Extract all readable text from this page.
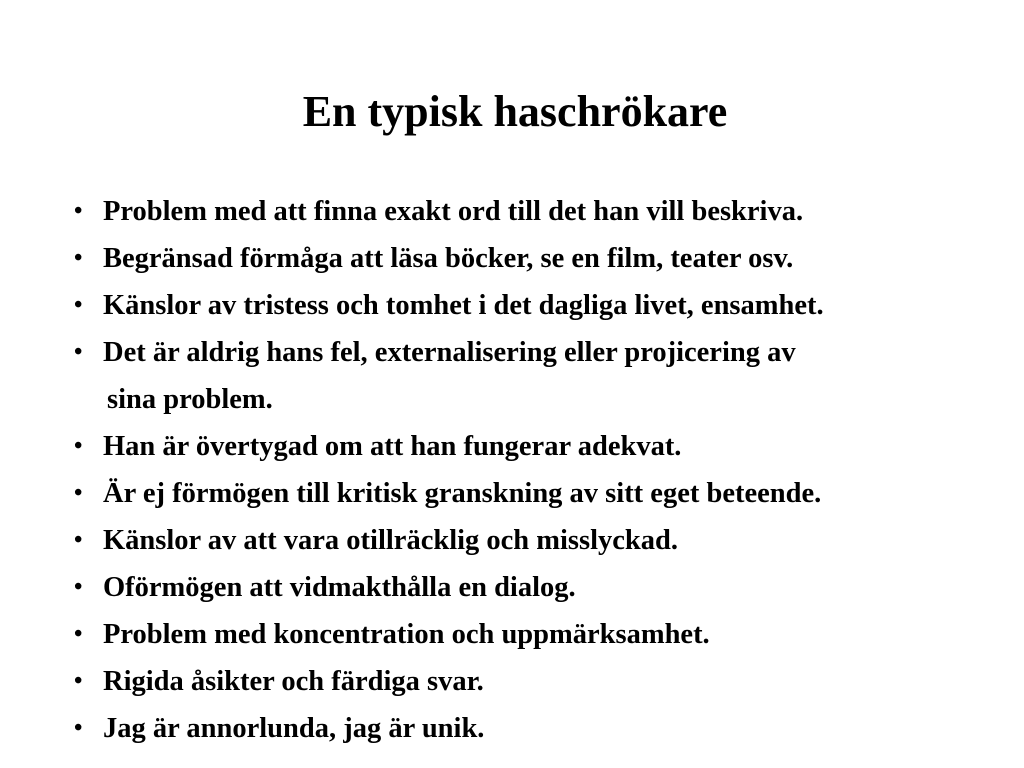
En typisk haschrökare
• Problem med att finna exakt ord till det han vill beskriva.
• Begränsad förmåga att läsa böcker, se en film, teater osv.
• Känslor av tristess och tomhet i det dagliga livet, ensamhet.
• Det är aldrig hans fel, externalisering eller projicering av
sina problem.
• Han är övertygad om att han fungerar adekvat.
• Är ej förmögen till kritisk granskning av sitt eget beteende.
• Känslor av att vara otillräcklig och misslyckad.
• Oförmögen att vidmakthålla en dialog.
• Problem med koncentration och uppmärksamhet.
• Rigida åsikter och färdiga svar.
• Jag är annorlunda, jag är unik.
